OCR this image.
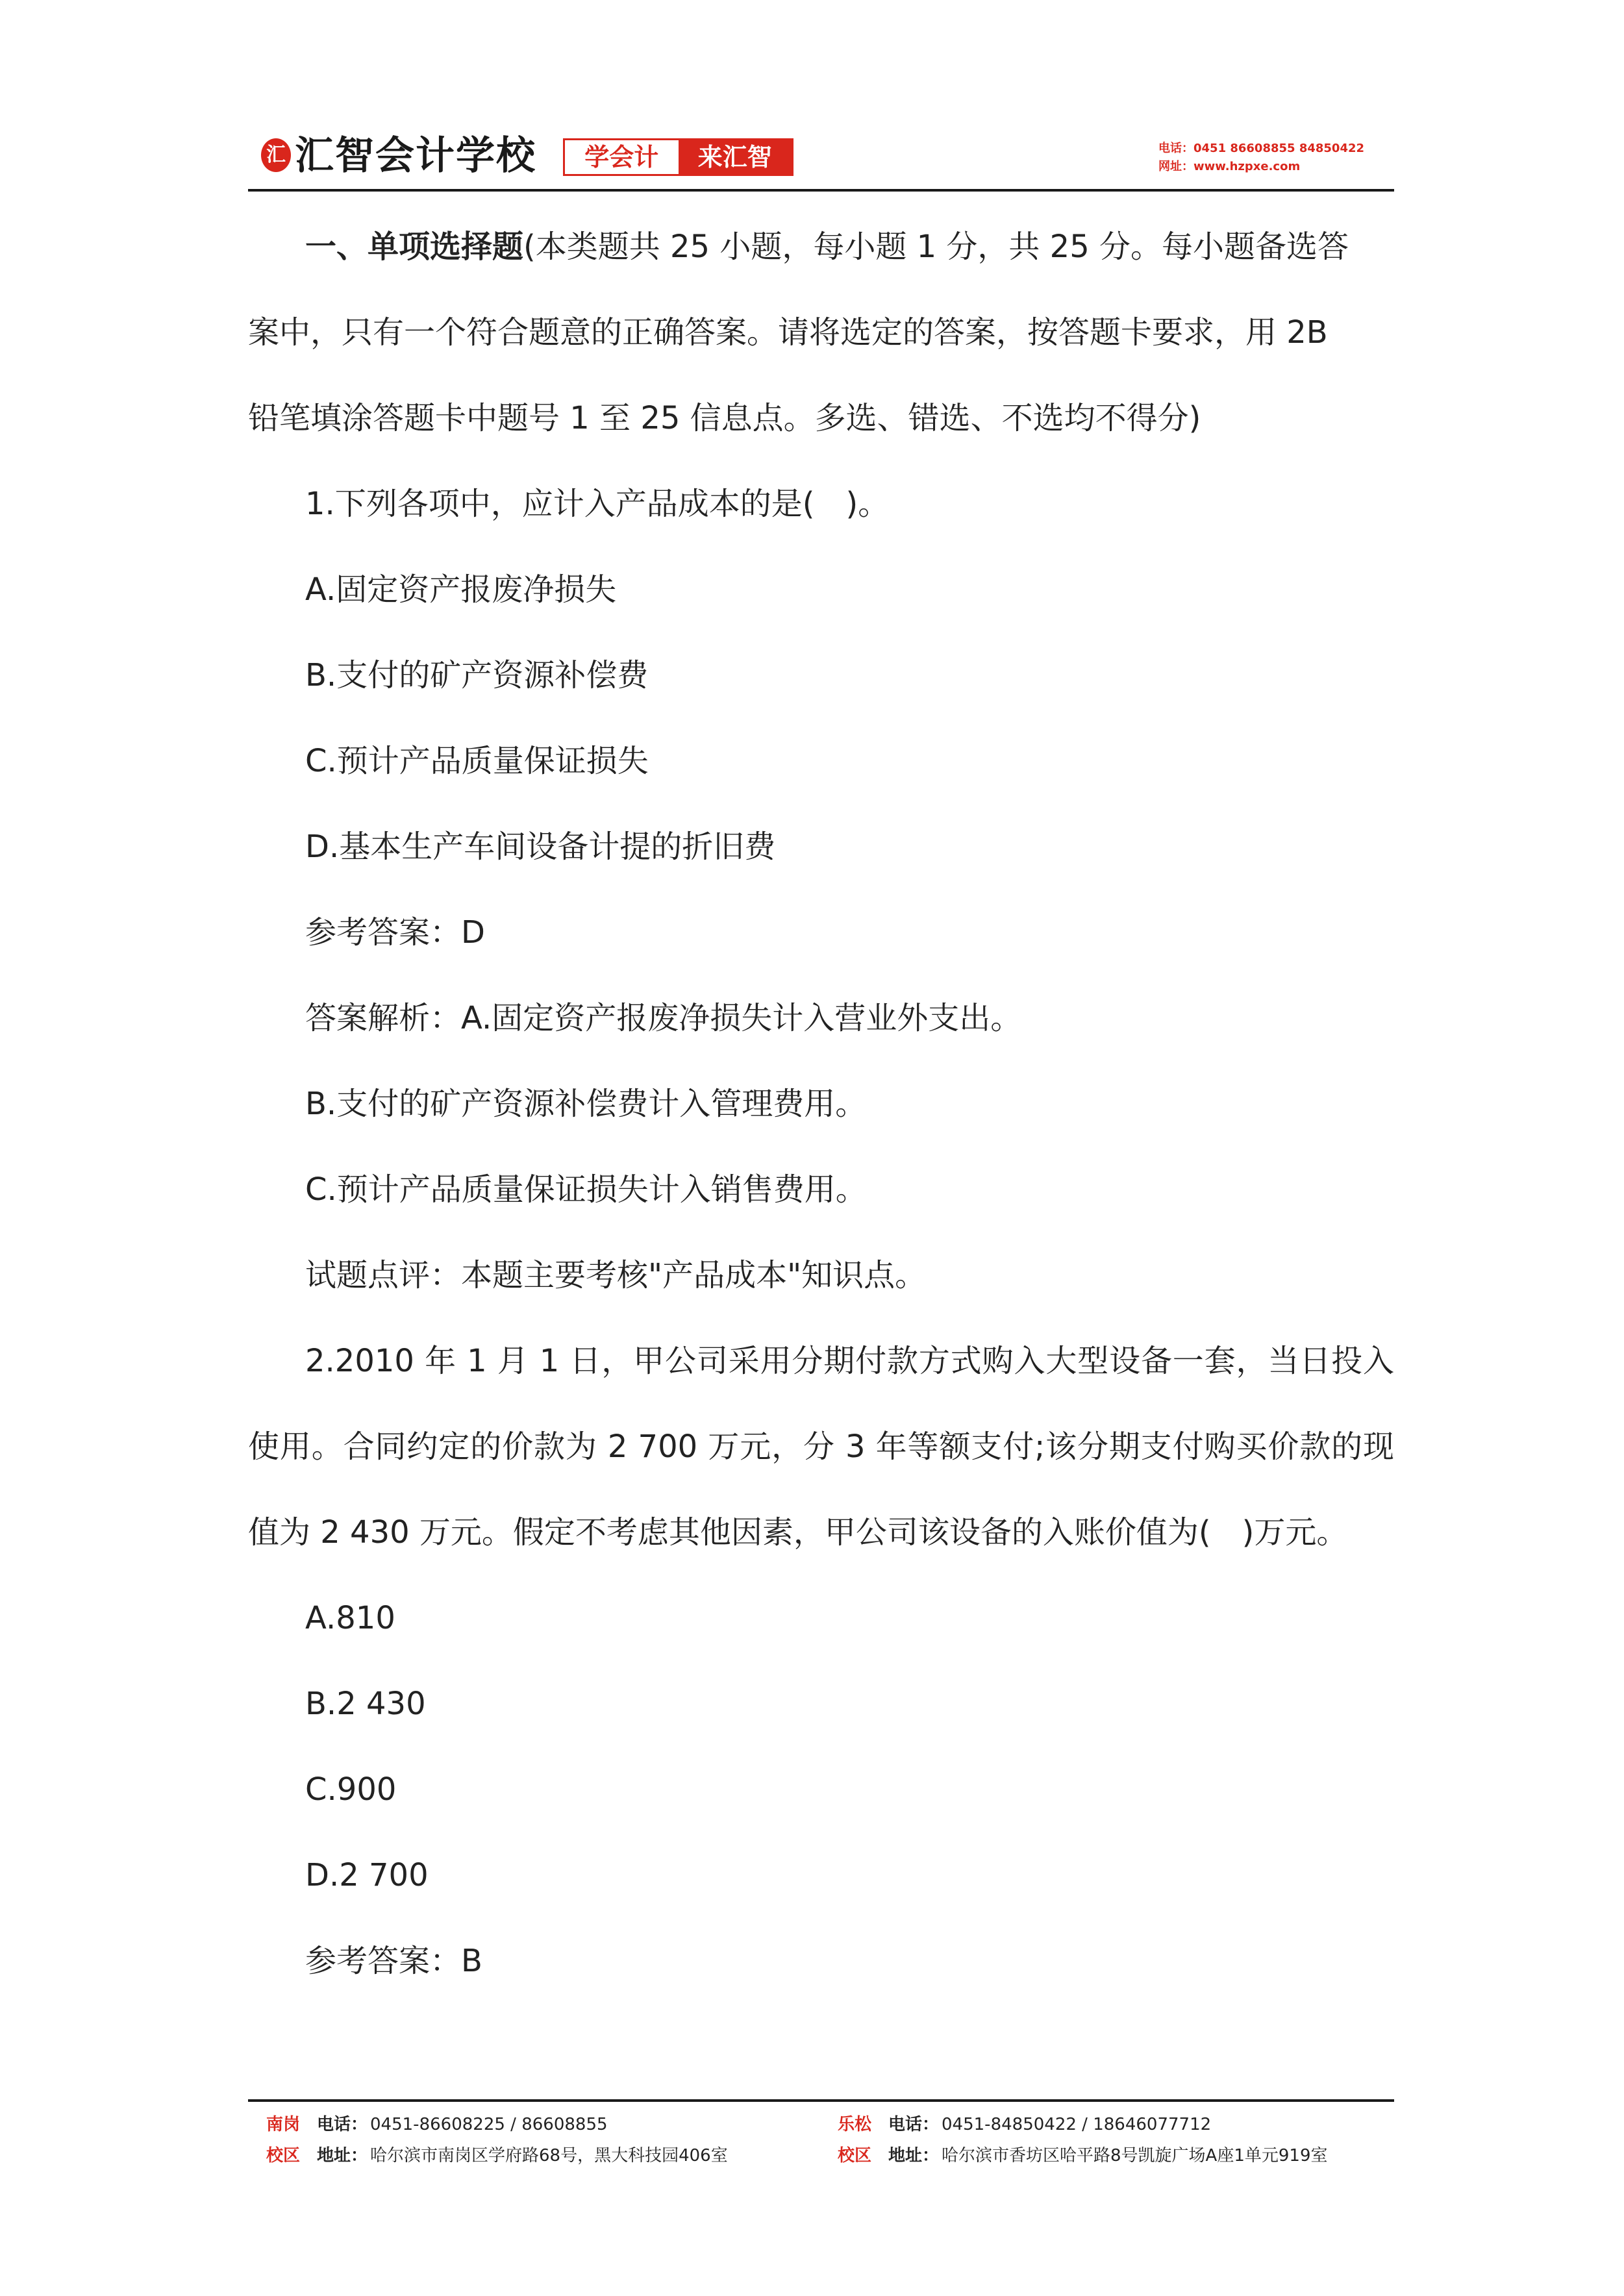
汇 汇智会计学校	学会计	来汇智	电话：0451 86608855 84850422
网址：www.hzpxe.com

一、单项选择题(本类题共 25 小题，每小题 1 分，共 25 分。每小题备选答

案中，只有一个符合题意的正确答案。请将选定的答案，按答题卡要求，用 2B

铅笔填涂答题卡中题号 1 至 25 信息点。多选、错选、不选均不得分)

1.下列各项中，应计入产品成本的是(　)。

A.固定资产报废净损失

B.支付的矿产资源补偿费

C.预计产品质量保证损失

D.基本生产车间设备计提的折旧费

参考答案：D

答案解析：A.固定资产报废净损失计入营业外支出。

B.支付的矿产资源补偿费计入管理费用。

C.预计产品质量保证损失计入销售费用。

试题点评：本题主要考核"产品成本"知识点。

2.2010 年 1 月 1 日，甲公司采用分期付款方式购入大型设备一套，当日投入使用。合同约定的价款为 2 700 万元，分 3 年等额支付;该分期支付购买价款的现值为 2 430 万元。假定不考虑其他因素，甲公司该设备的入账价值为(　)万元。

A.810

B.2 430

C.900

D.2 700

参考答案：B

南岗 电话： 0451-86608225 / 86608855
校区 地址： 哈尔滨市南岗区学府路68号，黑大科技园406室
乐松 电话： 0451-84850422 / 18646077712
校区 地址： 哈尔滨市香坊区哈平路8号凯旋广场A座1单元919室
